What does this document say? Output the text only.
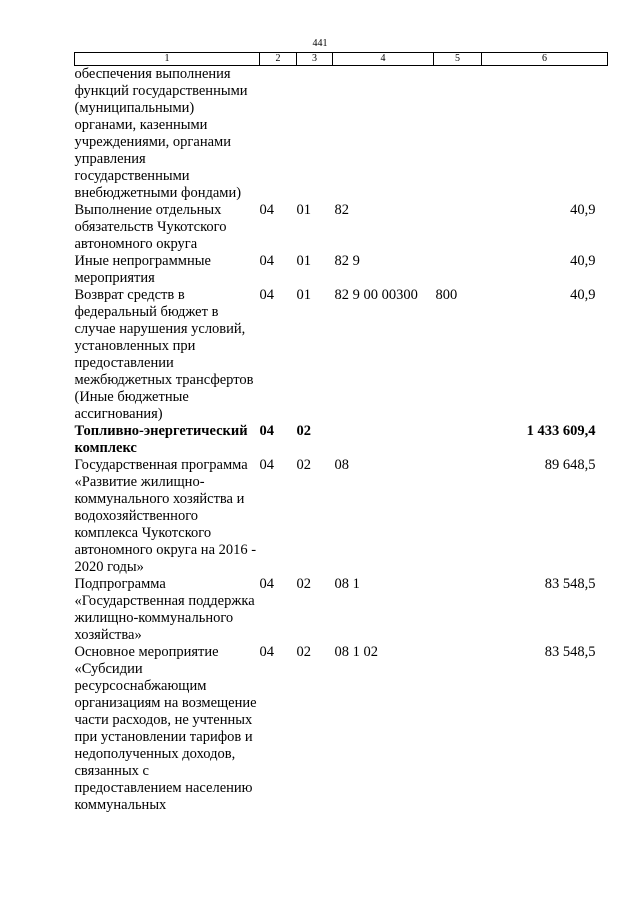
441
1	2	3	4	5	6
обеспечения выполнения функций государственными (муниципальными) органами, казенными учреждениями, органами управления государственными внебюджетными фондами)					
Выполнение отдельных обязательств Чукотского автономного округа	04	01	82		40,9
Иные непрограммные мероприятия	04	01	82 9		40,9
Возврат средств в федеральный бюджет в случае нарушения условий, установленных при предоставлении межбюджетных трансфертов (Иные бюджетные ассигнования)	04	01	82 9 00 00300	800	40,9
Топливно-энергетический комплекс	04	02			1 433 609,4
Государственная программа «Развитие жилищно-коммунального хозяйства и водохозяйственного комплекса Чукотского автономного округа на 2016 - 2020 годы»	04	02	08		89 648,5
Подпрограмма «Государственная поддержка жилищно-коммунального хозяйства»	04	02	08 1		83 548,5
Основное мероприятие «Субсидии ресурсоснабжающим организациям на возмещение части расходов, не учтенных при установлении тарифов и недополученных доходов, связанных с предоставлением населению коммунальных	04	02	08 1 02		83 548,5
